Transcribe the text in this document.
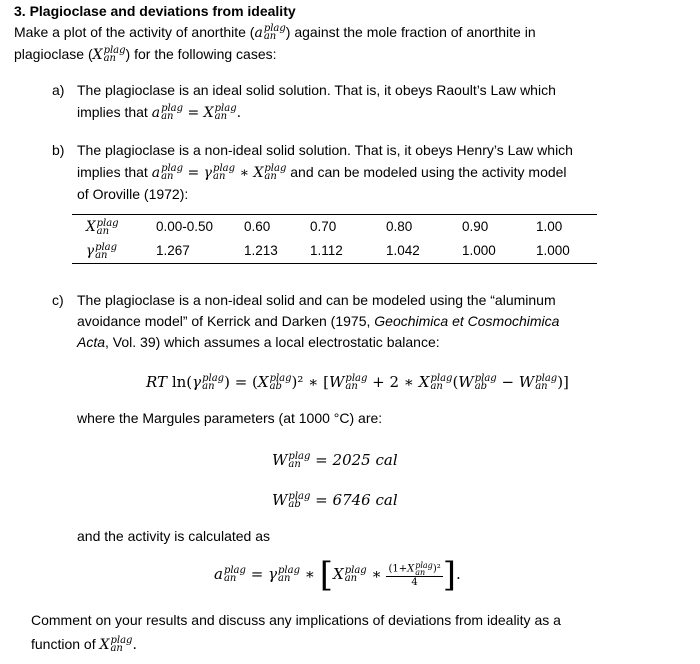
3. Plagioclase and deviations from ideality
Make a plot of the activity of anorthite (a plag
an ) against the mole fraction of anorthite in
plagioclase (X plag
an ) for the following cases:
a) The plagioclase is an ideal solid solution. That is, it obeys Raoult’s Law which
implies that a plag
an	= X plag
an .
b) The plagioclase is a non-ideal solid solution. That is, it obeys Henry’s Law which
implies that a plag
an	= γ plag
an	∗ X plag
an and can be modeled using the activity model
of Oroville (1972):
X plag
an	0.00-0.50	0.60	0.70	0.80	0.90	1.00
γ plag
an	1.267	1.213	1.112	1.042	1.000	1.000
c) The plagioclase is a non-ideal solid and can be modeled using the “aluminum
avoidance model” of Kerrick and Darken (1975, Geochimica et Cosmochimica
Acta, Vol. 39) which assumes a local electrostatic balance:
RT ln(γ plag
an ) = (X plag
ab )² ∗ [W plag
an + 2 ∗ X plag
an (W plag
ab − W plag
an )]
where the Margules parameters (at 1000 °C) are:
W plag
an = 2025 cal
W plag
ab = 6746 cal
and the activity is calculated as
a plag
an = γ plag
an ∗ [X plag
an ∗ (1+X plag
an )²
4 ].
Comment on your results and discuss any implications of deviations from ideality as a
function of X plag
an .
